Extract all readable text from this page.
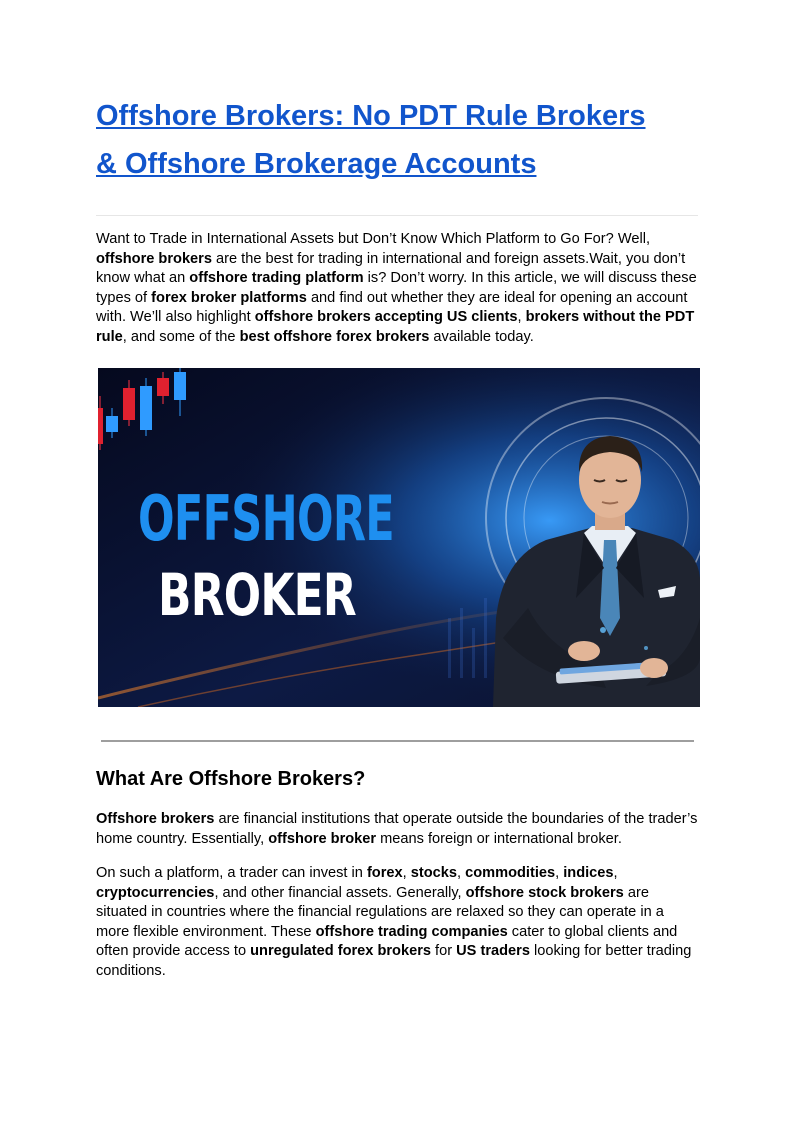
Offshore Brokers: No PDT Rule Brokers
& Offshore Brokerage Accounts

Want to Trade in International Assets but Don’t Know Which Platform to Go For? Well, offshore brokers are the best for trading in international and foreign assets.Wait, you don’t know what an offshore trading platform is? Don’t worry. In this article, we will discuss these types of forex broker platforms and find out whether they are ideal for opening an account with. We’ll also highlight offshore brokers accepting US clients, brokers without the PDT rule, and some of the best offshore forex brokers available today.

OFFSHORE
BROKER
What Are Offshore Brokers?

Offshore brokers are financial institutions that operate outside the boundaries of the trader’s home country. Essentially, offshore broker means foreign or international broker.

On such a platform, a trader can invest in forex, stocks, commodities, indices, cryptocurrencies, and other financial assets. Generally, offshore stock brokers are situated in countries where the financial regulations are relaxed so they can operate in a more flexible environment. These offshore trading companies cater to global clients and often provide access to unregulated forex brokers for US traders looking for better trading conditions.
